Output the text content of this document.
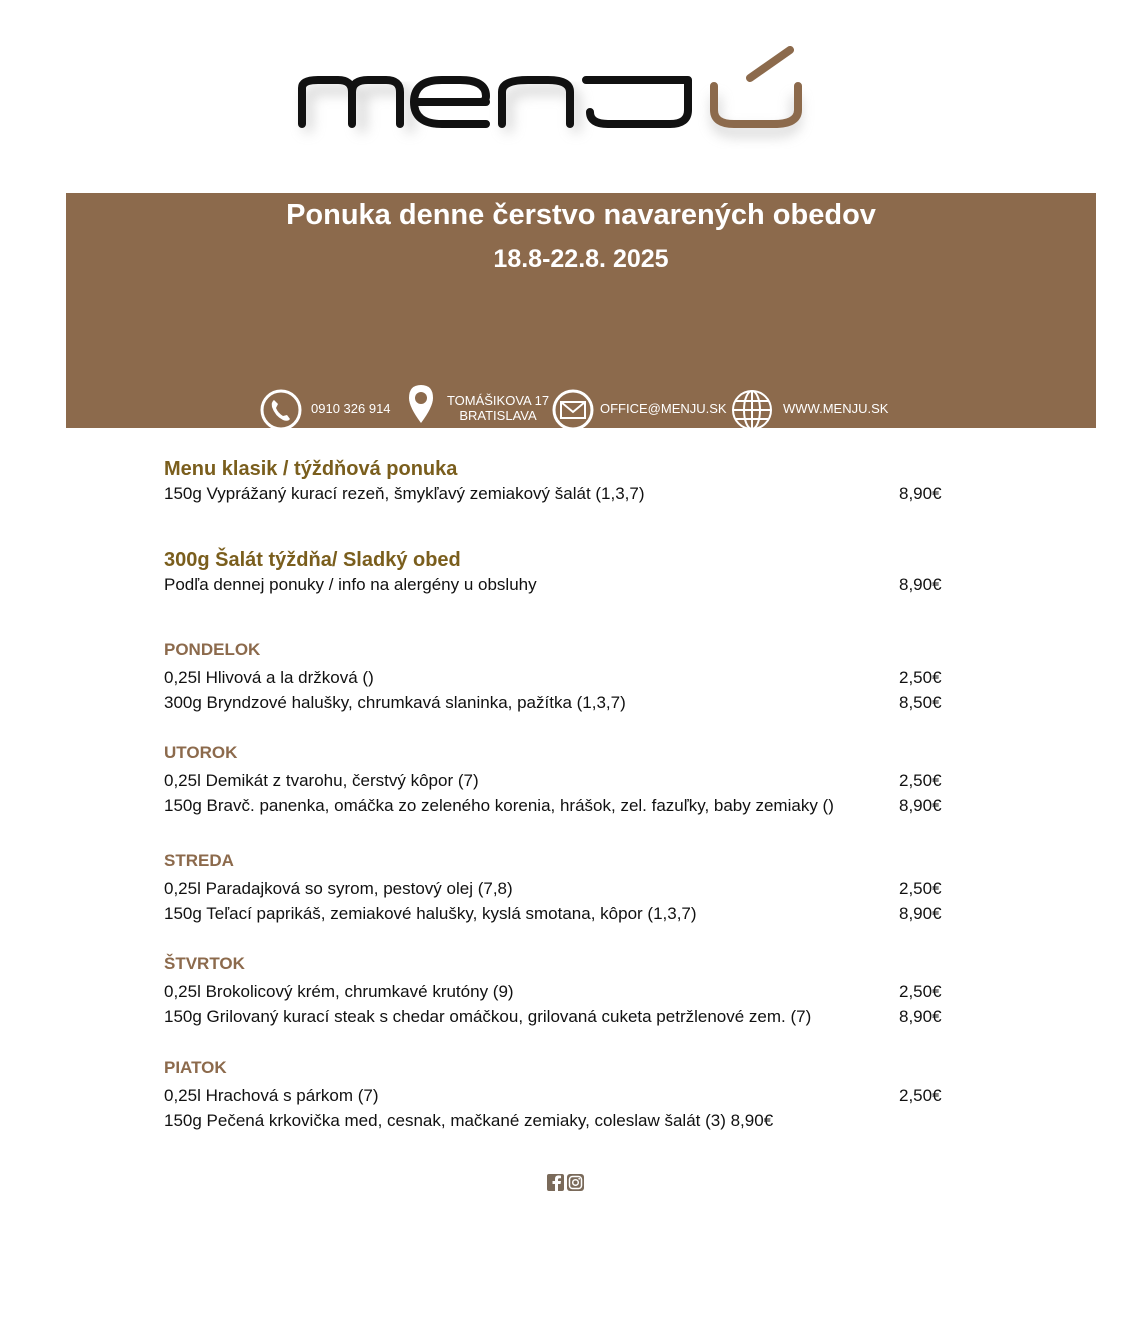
Ponuka denne čerstvo navarených obedov
18.8-22.8. 2025
0910 326 914
TOMÁŠIKOVA 17
BRATISLAVA	OFFICE@MENJU.SK	WWW.MENJU.SK
Menu klasik / týždňová ponuka
150g Vyprážaný kurací rezeň, šmykľavý zemiakový šalát (1,3,7)	8,90€
300g Šalát týždňa/ Sladký obed
Podľa dennej ponuky / info na alergény u obsluhy	8,90€
PONDELOK
0,25l Hlivová a la držková ()	2,50€
300g Bryndzové halušky, chrumkavá slaninka, pažítka (1,3,7)	8,50€
UTOROK
0,25l Demikát z tvarohu, čerstvý kôpor (7)	2,50€
150g Bravč. panenka, omáčka zo zeleného korenia, hrášok, zel. fazuľky, baby zemiaky ()	8,90€
STREDA
0,25l Paradajková so syrom, pestový olej (7,8)	2,50€
150g Teľací paprikáš, zemiakové halušky, kyslá smotana, kôpor (1,3,7)	8,90€
ŠTVRTOK
0,25l Brokolicový krém, chrumkavé krutóny (9)	2,50€
150g Grilovaný kurací steak s chedar omáčkou, grilovaná cuketa petržlenové zem. (7)	8,90€
PIATOK
0,25l Hrachová s párkom (7)	2,50€
150g Pečená krkovička med, cesnak, mačkané zemiaky, coleslaw šalát (3) 8,90€
